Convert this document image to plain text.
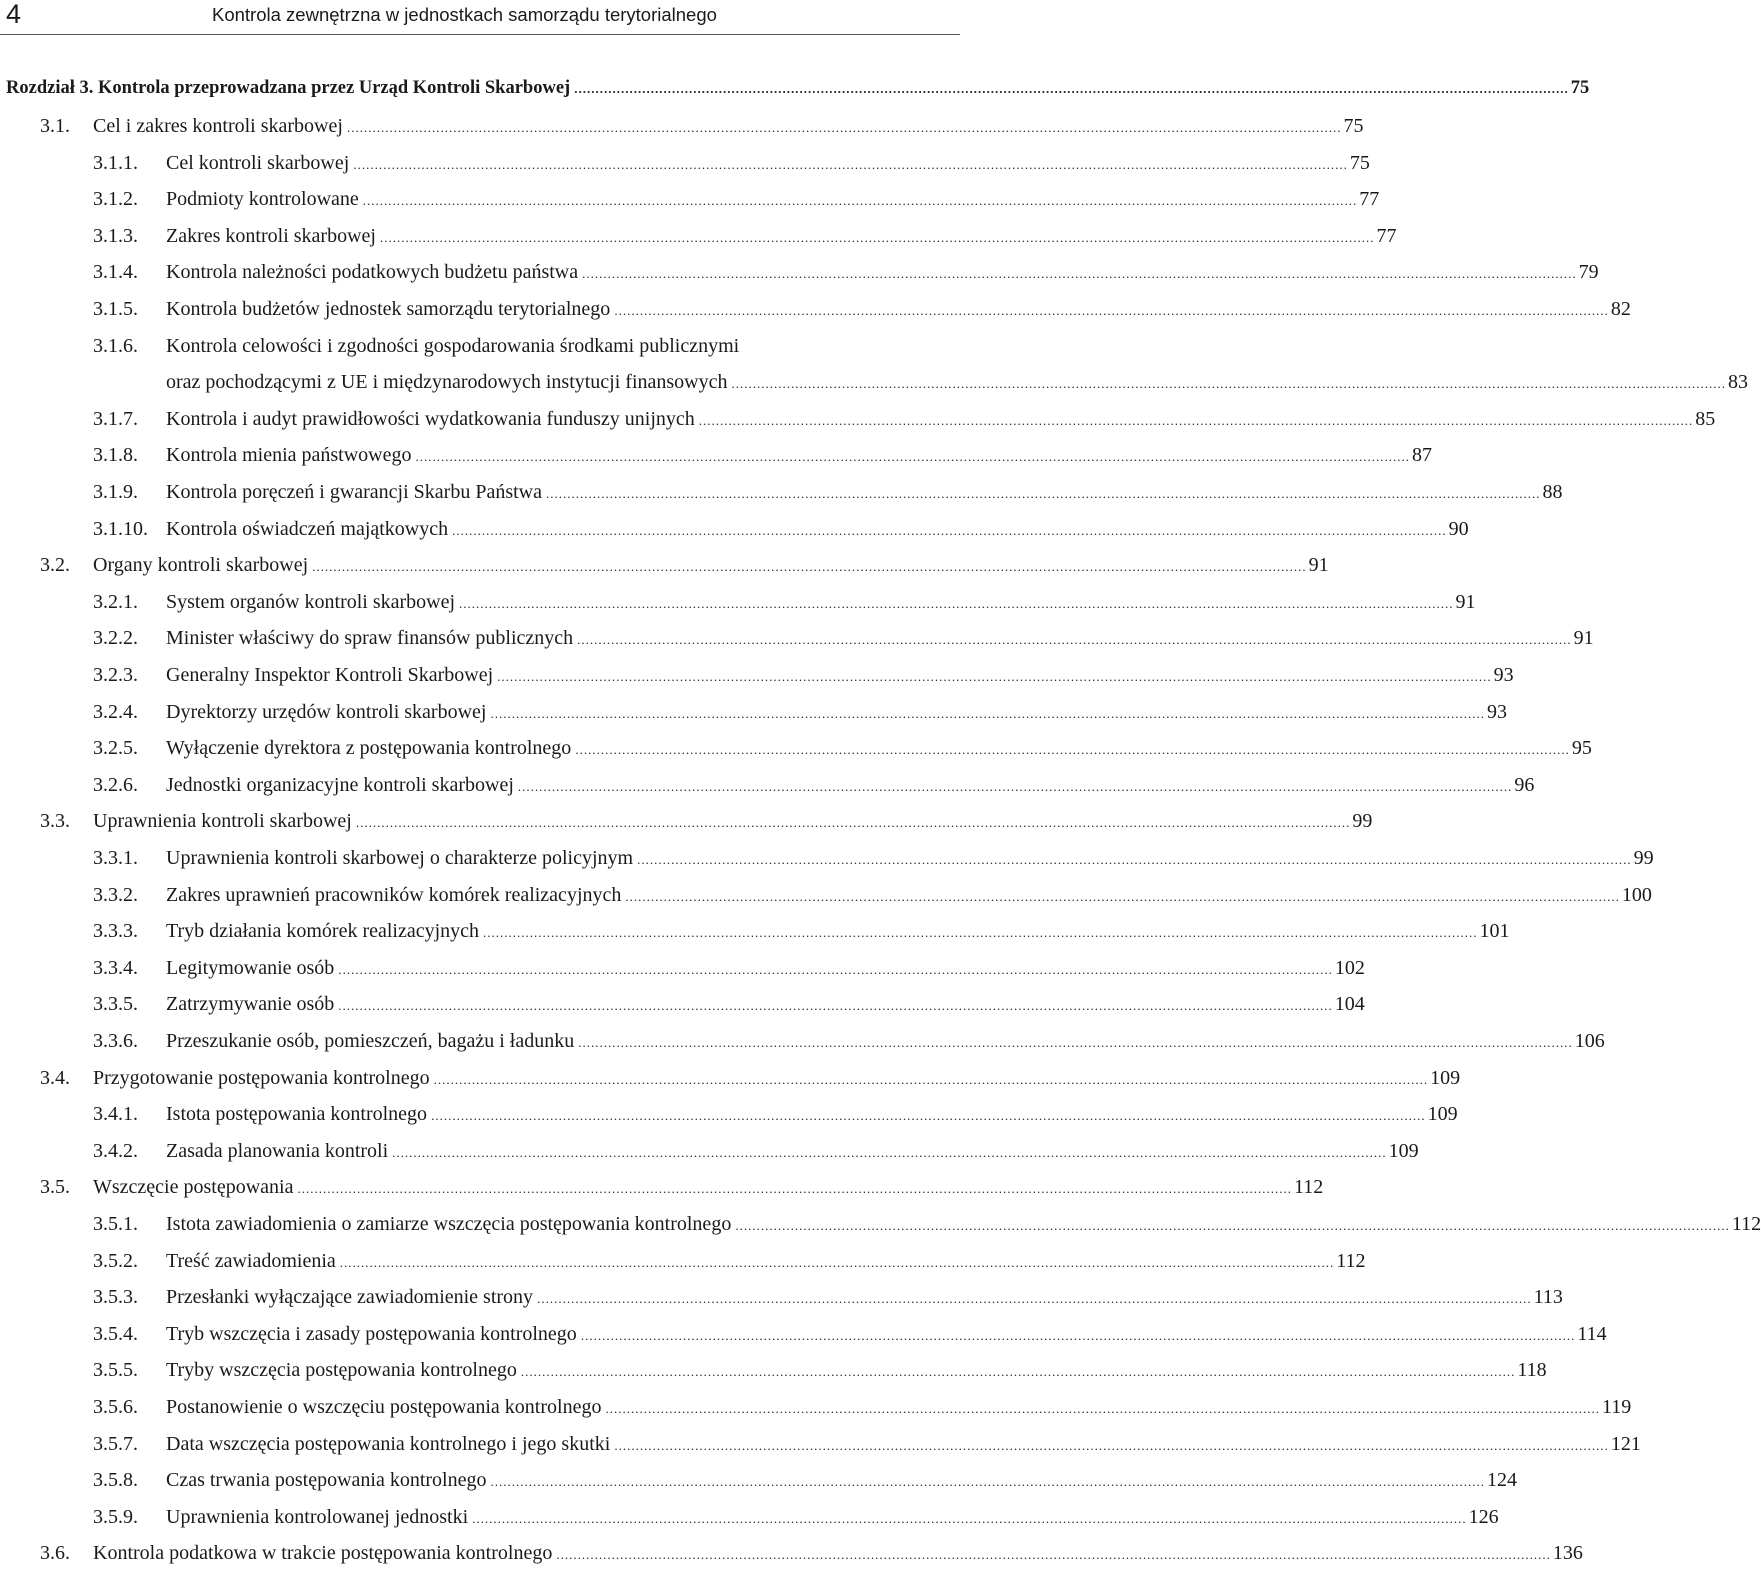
4	Kontrola zewnętrzna w jednostkach samorządu terytorialnego
Rozdział 3. Kontrola przeprowadzana przez Urząd Kontroli Skarbowej .....	75
3.1.	Cel i zakres kontroli skarbowej .....	75
3.1.1.	Cel kontroli skarbowej .....	75
3.1.2.	Podmioty kontrolowane .....	77
3.1.3.	Zakres kontroli skarbowej .....	77
3.1.4.	Kontrola należności podatkowych budżetu państwa .....	79
3.1.5.	Kontrola budżetów jednostek samorządu terytorialnego .....	82
3.1.6.	Kontrola celowości i zgodności gospodarowania środkami publicznymi
oraz pochodzącymi z UE i międzynarodowych instytucji finansowych .....	83
3.1.7.	Kontrola i audyt prawidłowości wydatkowania funduszy unijnych .....	85
3.1.8.	Kontrola mienia państwowego .....	87
3.1.9.	Kontrola poręczeń i gwarancji Skarbu Państwa .....	88
3.1.10. Kontrola oświadczeń majątkowych .....	90
3.2.	Organy kontroli skarbowej .....	91
3.2.1.	System organów kontroli skarbowej .....	91
3.2.2.	Minister właściwy do spraw finansów publicznych .....	91
3.2.3.	Generalny Inspektor Kontroli Skarbowej .....	93
3.2.4.	Dyrektorzy urzędów kontroli skarbowej .....	93
3.2.5.	Wyłączenie dyrektora z postępowania kontrolnego .....	95
3.2.6.	Jednostki organizacyjne kontroli skarbowej .....	96
3.3.	Uprawnienia kontroli skarbowej .....	99
3.3.1.	Uprawnienia kontroli skarbowej o charakterze policyjnym .....	99
3.3.2.	Zakres uprawnień pracowników komórek realizacyjnych .....	100
3.3.3.	Tryb działania komórek realizacyjnych .....	101
3.3.4.	Legitymowanie osób .....	102
3.3.5.	Zatrzymywanie osób .....	104
3.3.6.	Przeszukanie osób, pomieszczeń, bagażu i ładunku .....	106
3.4.	Przygotowanie postępowania kontrolnego .....	109
3.4.1.	Istota postępowania kontrolnego .....	109
3.4.2.	Zasada planowania kontroli .....	109
3.5.	Wszczęcie postępowania .....	112
3.5.1.	Istota zawiadomienia o zamiarze wszczęcia postępowania kontrolnego .....	112
3.5.2.	Treść zawiadomienia .....	112
3.5.3.	Przesłanki wyłączające zawiadomienie strony .....	113
3.5.4.	Tryb wszczęcia i zasady postępowania kontrolnego .....	114
3.5.5.	Tryby wszczęcia postępowania kontrolnego .....	118
3.5.6.	Postanowienie o wszczęciu postępowania kontrolnego .....	119
3.5.7.	Data wszczęcia postępowania kontrolnego i jego skutki .....	121
3.5.8.	Czas trwania postępowania kontrolnego .....	124
3.5.9.	Uprawnienia kontrolowanej jednostki .....	126
3.6.	Kontrola podatkowa w trakcie postępowania kontrolnego .....	136
